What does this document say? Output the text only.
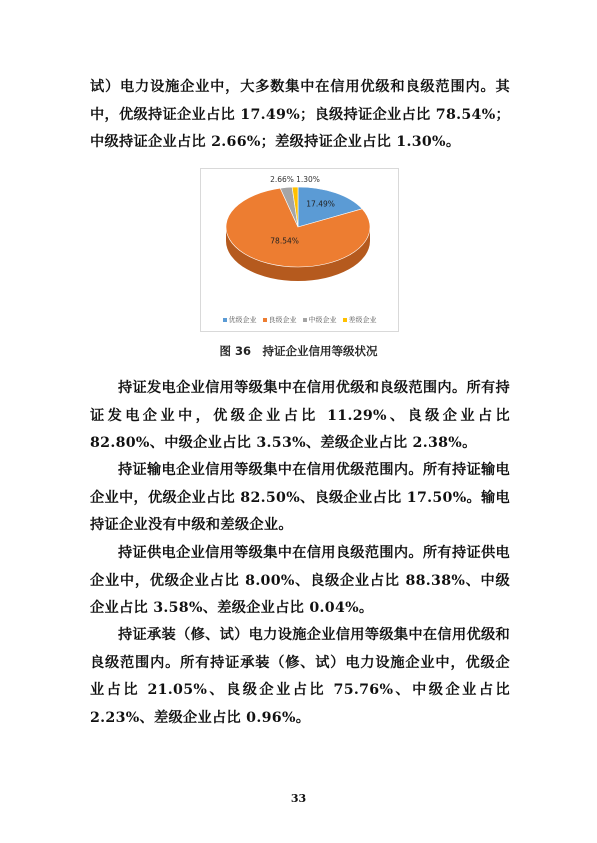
试）电力设施企业中，大多数集中在信用优级和良级范围内。其中，优级持证企业占比 17.49%；良级持证企业占比 78.54%；中级持证企业占比 2.66%；差级持证企业占比 1.30%。
17.49%
78.54%
2.66% 1.30%
优级企业 良级企业 中级企业 差级企业
图 36　持证企业信用等级状况
持证发电企业信用等级集中在信用优级和良级范围内。所有持证发电企业中，优级企业占比 11.29%、良级企业占比 82.80%、中级企业占比 3.53%、差级企业占比 2.38%。
持证输电企业信用等级集中在信用优级范围内。所有持证输电企业中，优级企业占比 82.50%、良级企业占比 17.50%。输电持证企业没有中级和差级企业。
持证供电企业信用等级集中在信用良级范围内。所有持证供电企业中，优级企业占比 8.00%、良级企业占比 88.38%、中级企业占比 3.58%、差级企业占比 0.04%。
持证承装（修、试）电力设施企业信用等级集中在信用优级和良级范围内。所有持证承装（修、试）电力设施企业中，优级企业占比 21.05%、良级企业占比 75.76%、中级企业占比 2.23%、差级企业占比 0.96%。
33
